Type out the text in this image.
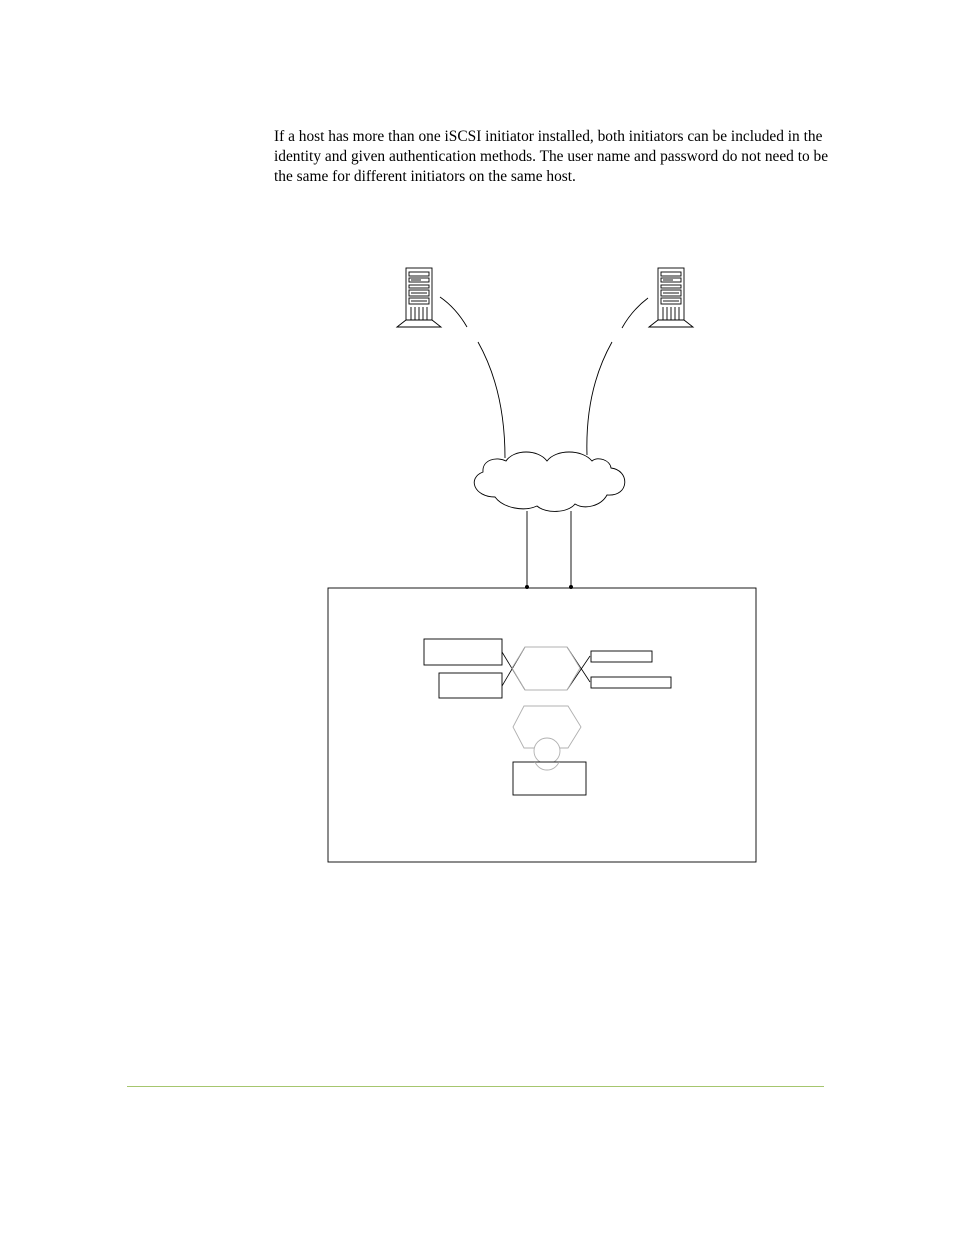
If a host has more than one iSCSI initiator installed, both initiators can be included in the identity and given authentication methods. The user name and password do not need to be the same for different initiators on the same host.
